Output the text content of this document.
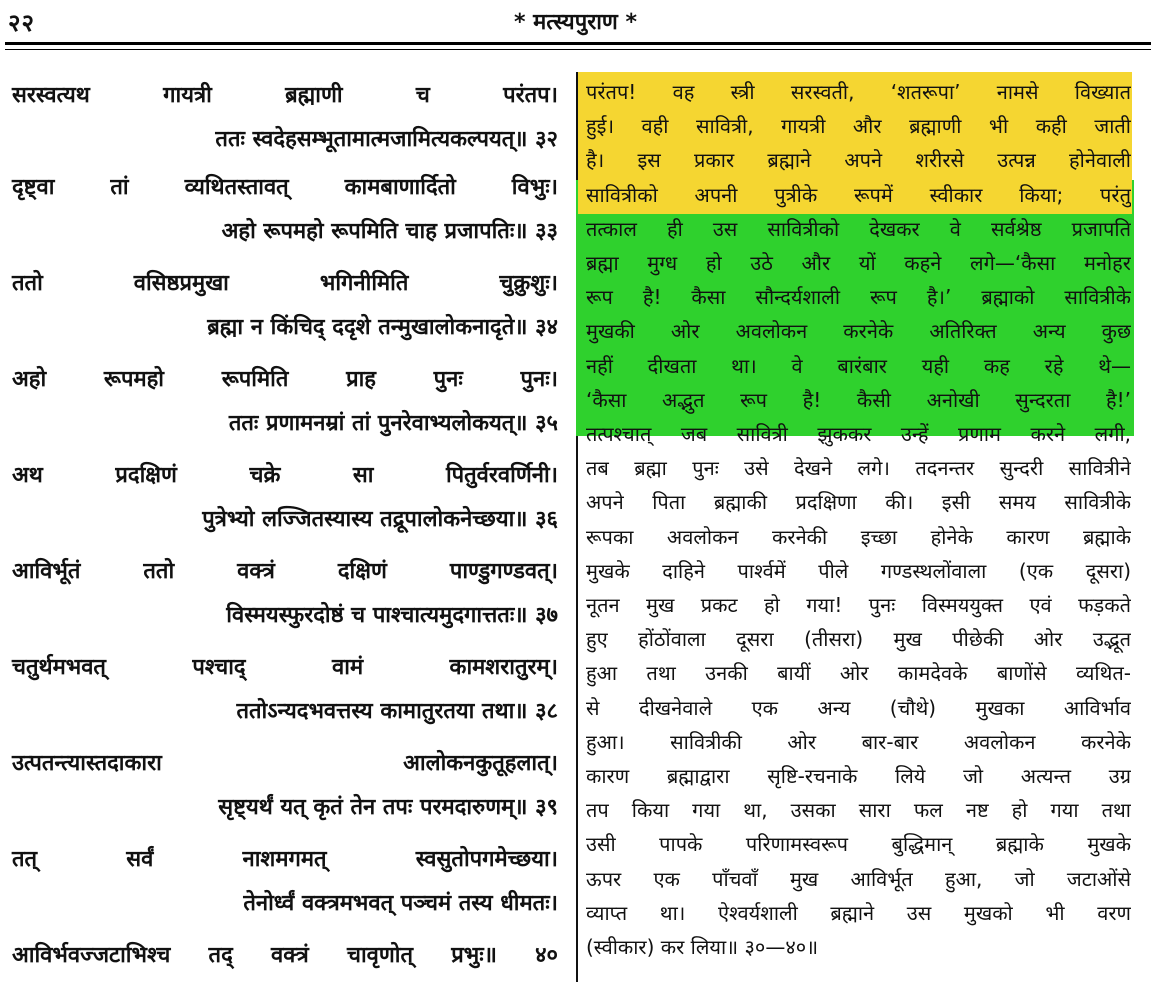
२२	* मत्स्यपुराण *
सरस्वत्यथ गायत्री ब्रह्माणी च परंतप।
ततः स्वदेहसम्भूतामात्मजामित्यकल्पयत्॥ ३२
दृष्ट्वा तां व्यथितस्तावत् कामबाणार्दितो विभुः।
अहो रूपमहो रूपमिति चाह प्रजापतिः॥ ३३
ततो वसिष्ठप्रमुखा भगिनीमिति चुक्रुशुः।
ब्रह्मा न किंचिद् ददृशे तन्मुखालोकनादृते॥ ३४
अहो रूपमहो रूपमिति प्राह पुनः पुनः।
ततः प्रणामनम्रां तां पुनरेवाभ्यलोकयत्॥ ३५
अथ प्रदक्षिणं चक्रे सा पितुर्वरवर्णिनी।
पुत्रेभ्यो लज्जितस्यास्य तद्रूपालोकनेच्छया॥ ३६
आविर्भूतं ततो वक्त्रं दक्षिणं पाण्डुगण्डवत्।
विस्मयस्फुरदोष्ठं च पाश्चात्यमुदगात्ततः॥ ३७
चतुर्थमभवत् पश्चाद् वामं कामशरातुरम्।
ततोऽन्यदभवत्तस्य कामातुरतया तथा॥ ३८
उत्पतन्त्यास्तदाकारा आलोकनकुतूहलात्।
सृष्ट्यर्थं यत् कृतं तेन तपः परमदारुणम्॥ ३९
तत् सर्वं नाशमगमत् स्वसुतोपगमेच्छया।
तेनोर्ध्वं वक्त्रमभवत् पञ्चमं तस्य धीमतः।
आविर्भवज्जटाभिश्च तद् वक्त्रं चावृणोत् प्रभुः॥ ४०
परंतप! वह स्त्री सरस्वती, ‘शतरूपा’ नामसे विख्यात
हुई। वही सावित्री, गायत्री और ब्रह्माणी भी कही जाती
है। इस प्रकार ब्रह्माने अपने शरीरसे उत्पन्न होनेवाली
सावित्रीको अपनी पुत्रीके रूपमें स्वीकार किया; परंतु
तत्काल ही उस सावित्रीको देखकर वे सर्वश्रेष्ठ प्रजापति
ब्रह्मा मुग्ध हो उठे और यों कहने लगे—‘कैसा मनोहर
रूप है! कैसा सौन्दर्यशाली रूप है।’ ब्रह्माको सावित्रीके
मुखकी ओर अवलोकन करनेके अतिरिक्त अन्य कुछ
नहीं दीखता था। वे बारंबार यही कह रहे थे—
‘कैसा अद्भुत रूप है! कैसी अनोखी सुन्दरता है!’
तत्पश्चात् जब सावित्री झुककर उन्हें प्रणाम करने लगी,
तब ब्रह्मा पुनः उसे देखने लगे। तदनन्तर सुन्दरी सावित्रीने
अपने पिता ब्रह्माकी प्रदक्षिणा की। इसी समय सावित्रीके
रूपका अवलोकन करनेकी इच्छा होनेके कारण ब्रह्माके
मुखके दाहिने पार्श्वमें पीले गण्डस्थलोंवाला (एक दूसरा)
नूतन मुख प्रकट हो गया! पुनः विस्मययुक्त एवं फड़कते
हुए होंठोंवाला दूसरा (तीसरा) मुख पीछेकी ओर उद्भूत
हुआ तथा उनकी बायीं ओर कामदेवके बाणोंसे व्यथित-
से दीखनेवाले एक अन्य (चौथे) मुखका आविर्भाव
हुआ। सावित्रीकी ओर बार-बार अवलोकन करनेके
कारण ब्रह्माद्वारा सृष्टि-रचनाके लिये जो अत्यन्त उग्र
तप किया गया था, उसका सारा फल नष्ट हो गया तथा
उसी पापके परिणामस्वरूप बुद्धिमान् ब्रह्माके मुखके
ऊपर एक पाँचवाँ मुख आविर्भूत हुआ, जो जटाओंसे
व्याप्त था। ऐश्वर्यशाली ब्रह्माने उस मुखको भी वरण
(स्वीकार) कर लिया॥ ३०—४०॥
